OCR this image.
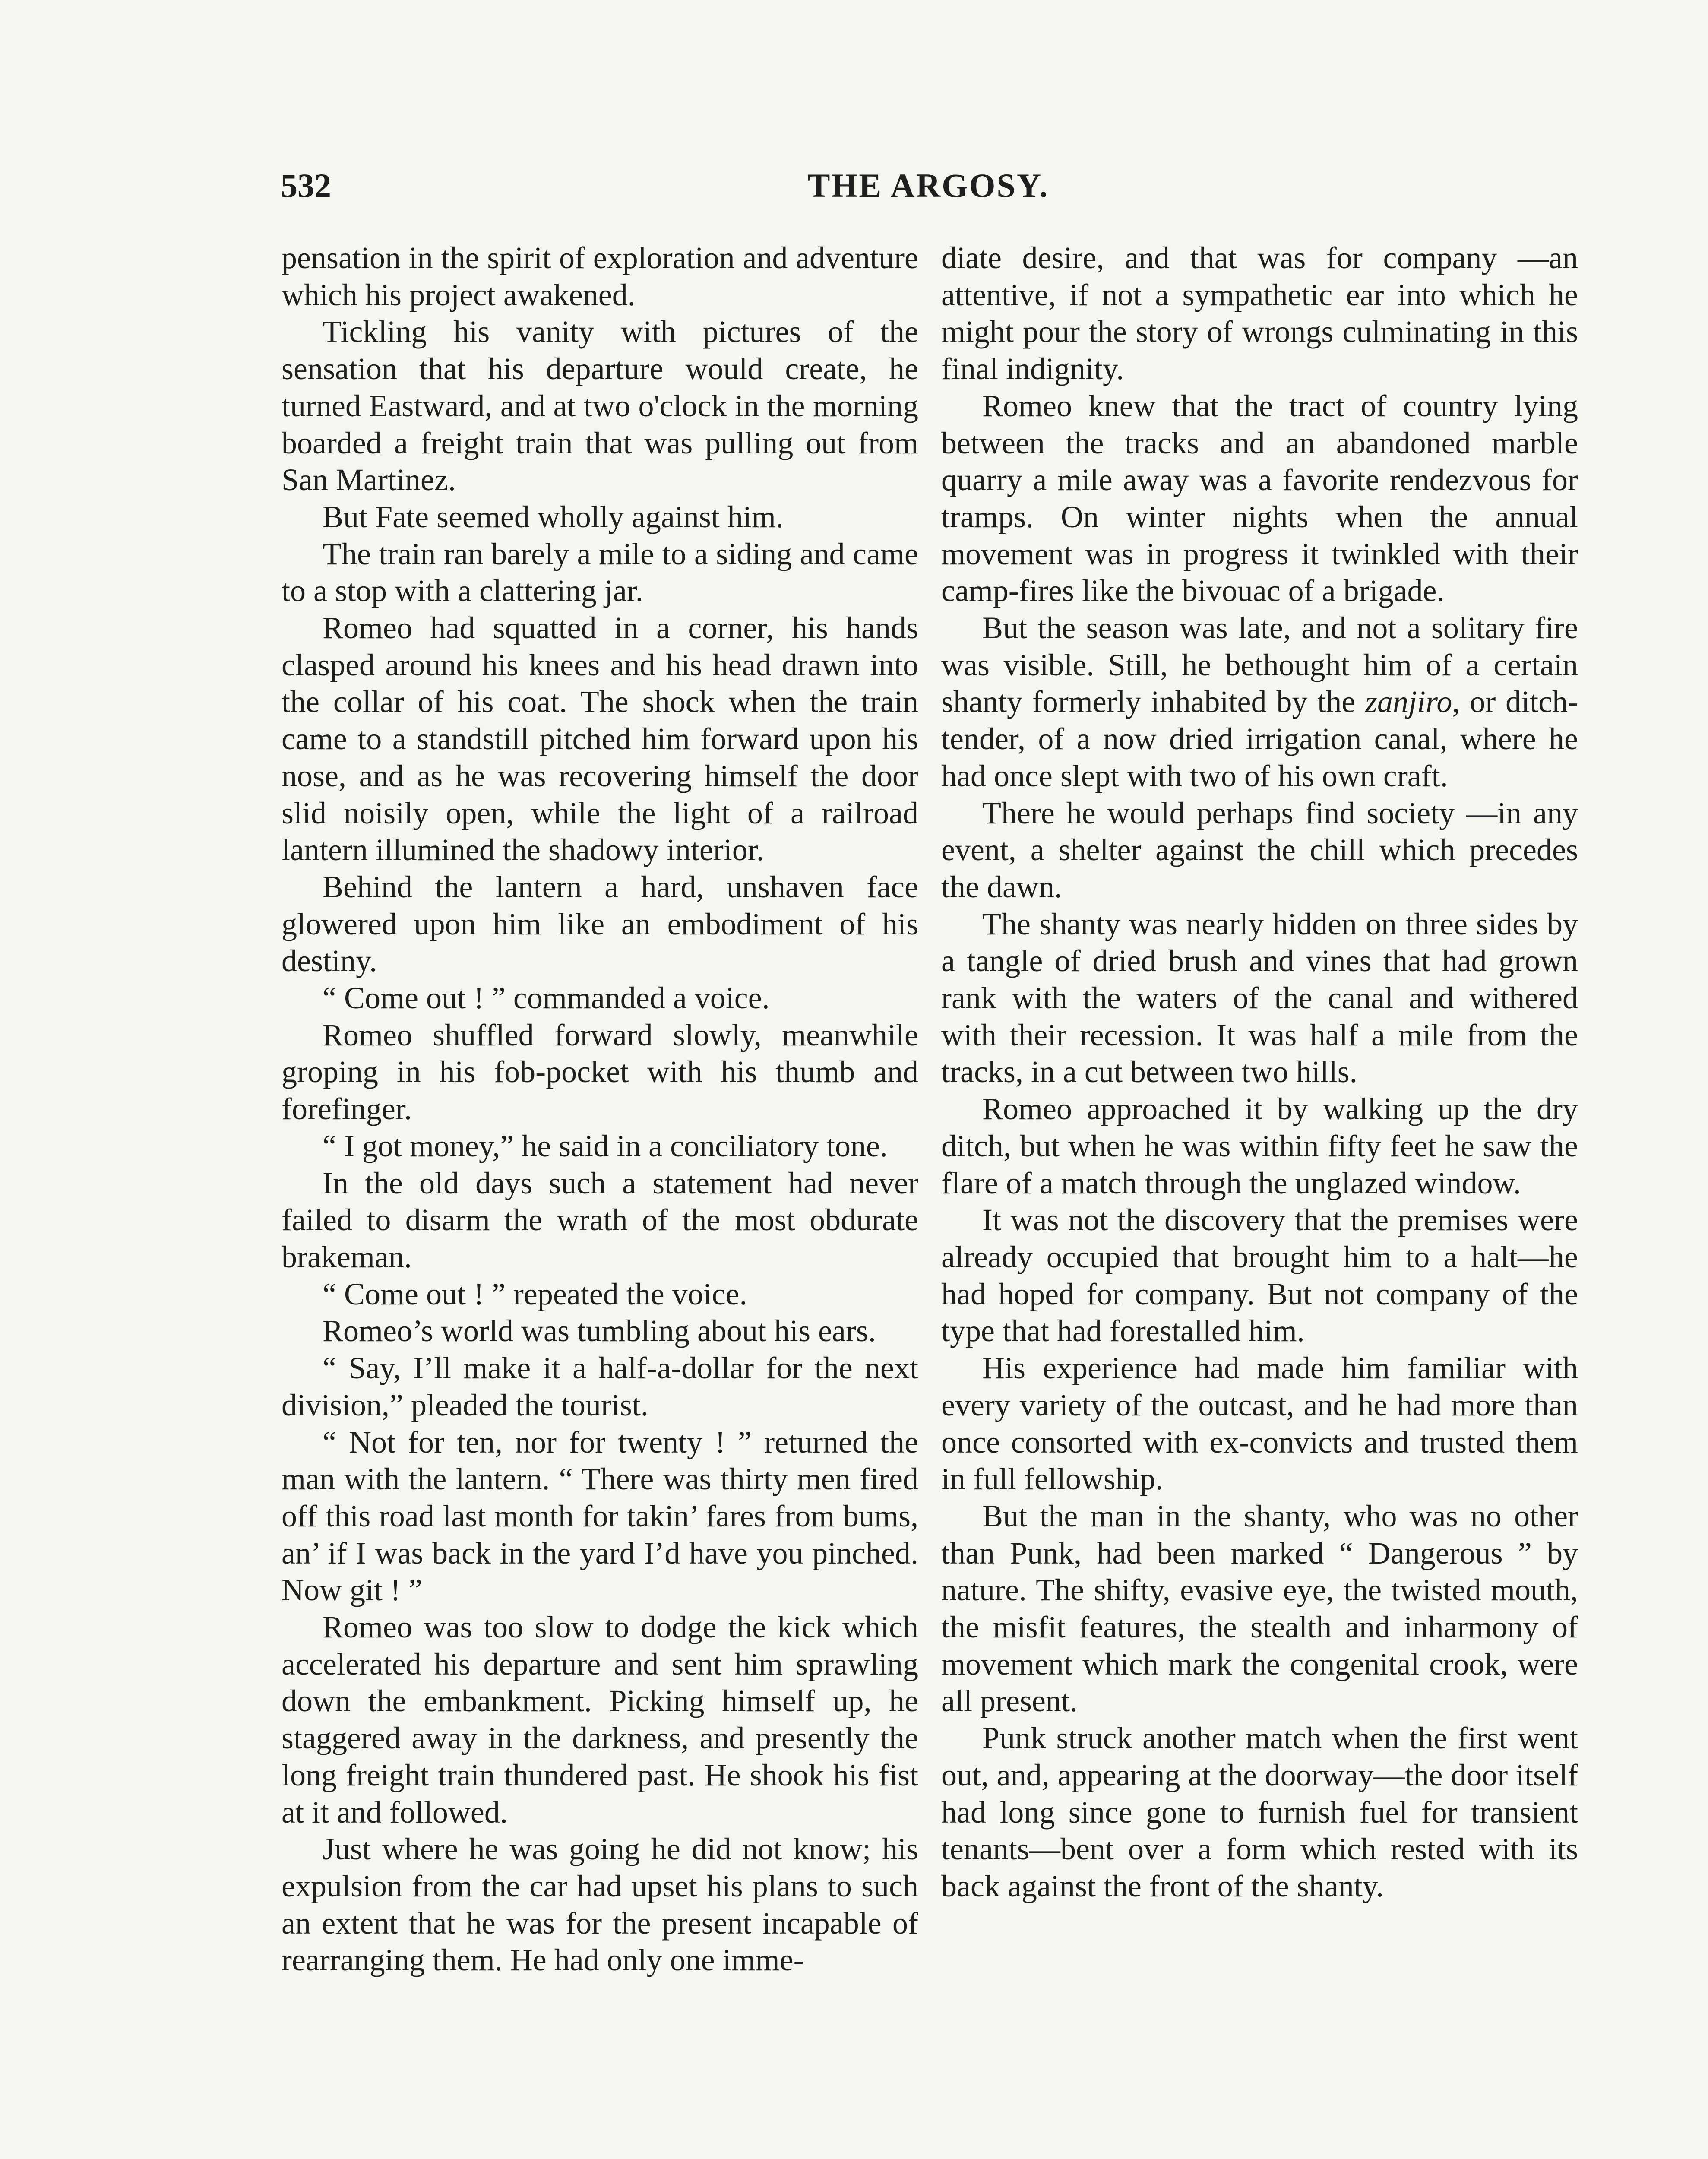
532	THE ARGOSY.

pensation in the spirit of exploration and adventure which his project awakened.

Tickling his vanity with pictures of the sensation that his departure would create, he turned Eastward, and at two o'clock in the morning boarded a freight train that was pulling out from San Martinez.

But Fate seemed wholly against him.

The train ran barely a mile to a siding and came to a stop with a clattering jar.

Romeo had squatted in a corner, his hands clasped around his knees and his head drawn into the collar of his coat. The shock when the train came to a standstill pitched him forward upon his nose, and as he was recovering himself the door slid noisily open, while the light of a railroad lantern illumined the shadowy interior.

Behind the lantern a hard, unshaven face glowered upon him like an embodiment of his destiny.

“ Come out ! ” commanded a voice.

Romeo shuffled forward slowly, meanwhile groping in his fob-pocket with his thumb and forefinger.

“ I got money,” he said in a conciliatory tone.

In the old days such a statement had never failed to disarm the wrath of the most obdurate brakeman.

“ Come out ! ” repeated the voice.

Romeo’s world was tumbling about his ears.

“ Say, I’ll make it a half-a-dollar for the next division,” pleaded the tourist.

“ Not for ten, nor for twenty ! ” returned the man with the lantern. “ There was thirty men fired off this road last month for takin’ fares from bums, an’ if I was back in the yard I’d have you pinched. Now git ! ”

Romeo was too slow to dodge the kick which accelerated his departure and sent him sprawling down the embankment. Picking himself up, he staggered away in the darkness, and presently the long freight train thundered past. He shook his fist at it and followed.

Just where he was going he did not know; his expulsion from the car had upset his plans to such an extent that he was for the present incapable of rearranging them. He had only one imme-

diate desire, and that was for company —an attentive, if not a sympathetic ear into which he might pour the story of wrongs culminating in this final indignity.

Romeo knew that the tract of country lying between the tracks and an abandoned marble quarry a mile away was a favorite rendezvous for tramps. On winter nights when the annual movement was in progress it twinkled with their camp-fires like the bivouac of a brigade.

But the season was late, and not a solitary fire was visible. Still, he bethought him of a certain shanty formerly inhabited by the zanjiro, or ditch-tender, of a now dried irrigation canal, where he had once slept with two of his own craft.

There he would perhaps find society —in any event, a shelter against the chill which precedes the dawn.

The shanty was nearly hidden on three sides by a tangle of dried brush and vines that had grown rank with the waters of the canal and withered with their recession. It was half a mile from the tracks, in a cut between two hills.

Romeo approached it by walking up the dry ditch, but when he was within fifty feet he saw the flare of a match through the unglazed window.

It was not the discovery that the premises were already occupied that brought him to a halt—he had hoped for company. But not company of the type that had forestalled him.

His experience had made him familiar with every variety of the outcast, and he had more than once consorted with ex-convicts and trusted them in full fellowship.

But the man in the shanty, who was no other than Punk, had been marked “ Dangerous ” by nature. The shifty, evasive eye, the twisted mouth, the misfit features, the stealth and inharmony of movement which mark the congenital crook, were all present.

Punk struck another match when the first went out, and, appearing at the doorway—the door itself had long since gone to furnish fuel for transient tenants—bent over a form which rested with its back against the front of the shanty.
